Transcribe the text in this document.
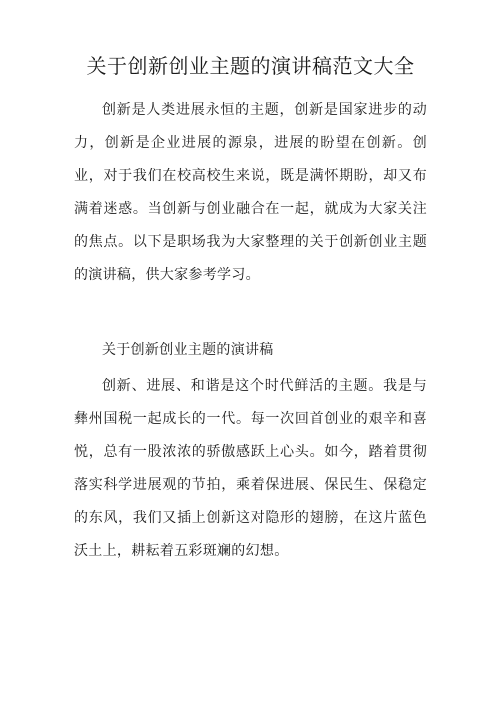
关于创新创业主题的演讲稿范文大全

创新是人类进展永恒的主题，创新是国家进步的动力，创新是企业进展的源泉，进展的盼望在创新。创业，对于我们在校高校生来说，既是满怀期盼，却又布满着迷惑。当创新与创业融合在一起，就成为大家关注的焦点。以下是职场我为大家整理的关于创新创业主题的演讲稿，供大家参考学习。

关于创新创业主题的演讲稿

创新、进展、和谐是这个时代鲜活的主题。我是与彝州国税一起成长的一代。每一次回首创业的艰辛和喜悦，总有一股浓浓的骄傲感跃上心头。如今，踏着贯彻落实科学进展观的节拍，乘着保进展、保民生、保稳定的东风，我们又插上创新这对隐形的翅膀，在这片蓝色沃土上，耕耘着五彩斑斓的幻想。
